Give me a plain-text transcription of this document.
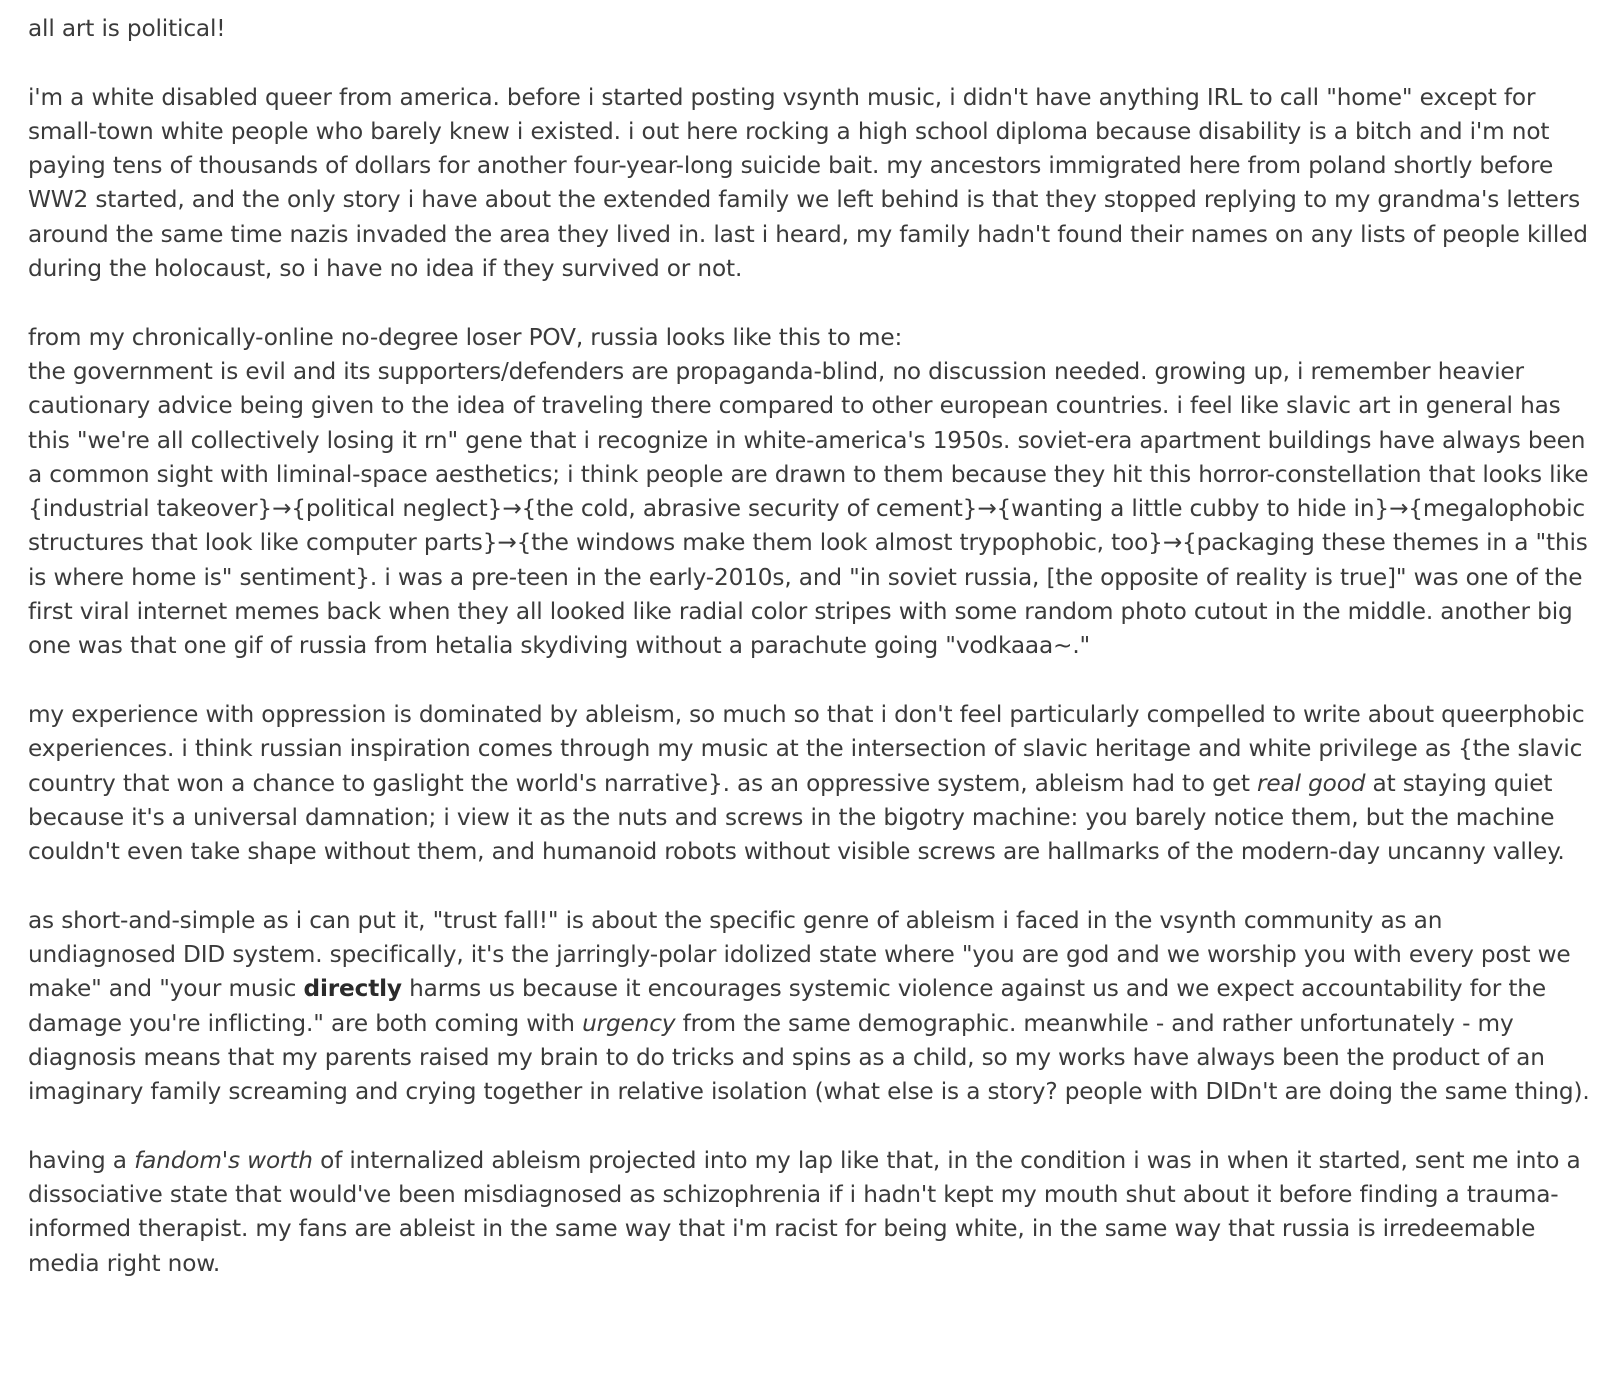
all art is political!

i'm a white disabled queer from america. before i started posting vsynth music, i didn't have anything IRL to call "home" except for small-town white people who barely knew i existed. i out here rocking a high school diploma because disability is a bitch and i'm not paying tens of thousands of dollars for another four-year-long suicide bait. my ancestors immigrated here from poland shortly before WW2 started, and the only story i have about the extended family we left behind is that they stopped replying to my grandma's letters around the same time nazis invaded the area they lived in. last i heard, my family hadn't found their names on any lists of people killed during the holocaust, so i have no idea if they survived or not.

from my chronically-online no-degree loser POV, russia looks like this to me:
the government is evil and its supporters/defenders are propaganda-blind, no discussion needed. growing up, i remember heavier cautionary advice being given to the idea of traveling there compared to other european countries. i feel like slavic art in general has this "we're all collectively losing it rn" gene that i recognize in white-america's 1950s. soviet-era apartment buildings have always been a common sight with liminal-space aesthetics; i think people are drawn to them because they hit this horror-constellation that looks like {industrial takeover}→{political neglect}→{the cold, abrasive security of cement}→{wanting a little cubby to hide in}→{megalophobic structures that look like computer parts}→{the windows make them look almost trypophobic, too}→{packaging these themes in a "this is where home is" sentiment}. i was a pre-teen in the early-2010s, and "in soviet russia, [the opposite of reality is true]" was one of the first viral internet memes back when they all looked like radial color stripes with some random photo cutout in the middle. another big one was that one gif of russia from hetalia skydiving without a parachute going "vodkaaa~."

my experience with oppression is dominated by ableism, so much so that i don't feel particularly compelled to write about queerphobic experiences. i think russian inspiration comes through my music at the intersection of slavic heritage and white privilege as {the slavic country that won a chance to gaslight the world's narrative}. as an oppressive system, ableism had to get real good at staying quiet because it's a universal damnation; i view it as the nuts and screws in the bigotry machine: you barely notice them, but the machine couldn't even take shape without them, and humanoid robots without visible screws are hallmarks of the modern-day uncanny valley.

as short-and-simple as i can put it, "trust fall!" is about the specific genre of ableism i faced in the vsynth community as an undiagnosed DID system. specifically, it's the jarringly-polar idolized state where "you are god and we worship you with every post we make" and "your music directly harms us because it encourages systemic violence against us and we expect accountability for the damage you're inflicting." are both coming with urgency from the same demographic. meanwhile - and rather unfortunately - my diagnosis means that my parents raised my brain to do tricks and spins as a child, so my works have always been the product of an imaginary family screaming and crying together in relative isolation (what else is a story? people with DIDn't are doing the same thing).

having a fandom's worth of internalized ableism projected into my lap like that, in the condition i was in when it started, sent me into a dissociative state that would've been misdiagnosed as schizophrenia if i hadn't kept my mouth shut about it before finding a trauma-informed therapist. my fans are ableist in the same way that i'm racist for being white, in the same way that russia is irredeemable media right now.
